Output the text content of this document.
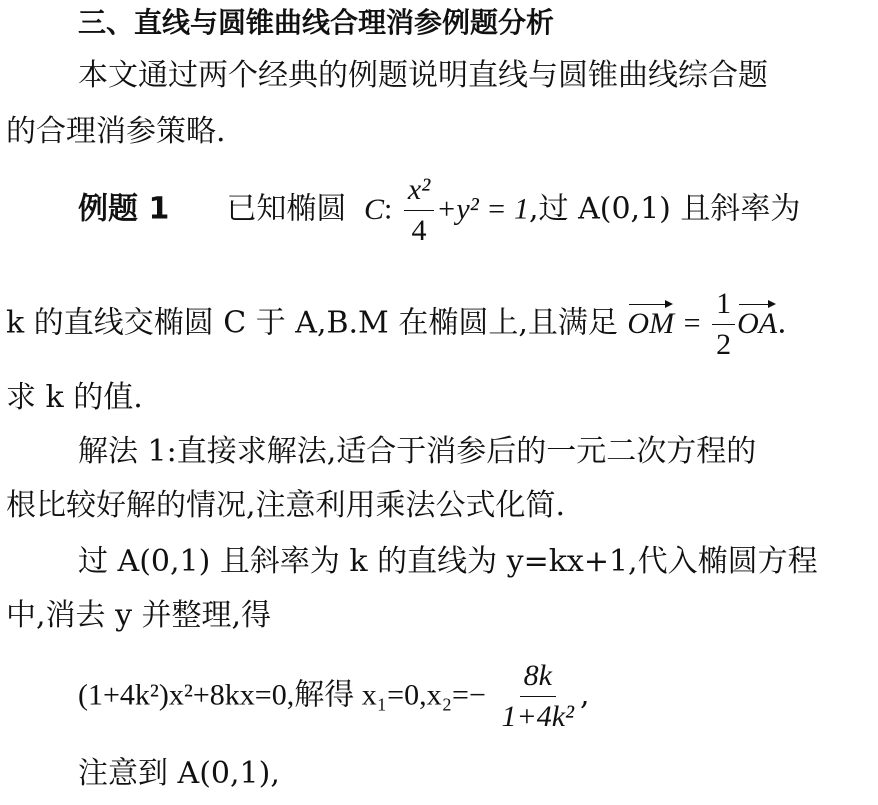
三、直线与圆锥曲线合理消参例题分析
本文通过两个经典的例题说明直线与圆锥曲线综合题
的合理消参策略.
例题 1 已知椭圆 C: $\frac{\text{x²}}{4} +y^2 = 1$,过 A(0,1) 且斜率为
k 的直线交椭圆 C 于 A,B.M 在椭圆上,且满足 OM = $\frac{1}{2}$ OA.
求 k 的值.
解法 1:直接求解法,适合于消参后的一元二次方程的
根比较好解的情况,注意利用乘法公式化简.
过 A(0,1) 且斜率为 k 的直线为 y=kx+1,代入椭圆方程
中,消去 y 并整理,得
(1+4k²)x²+8kx=0,解得 $x_1=0,x_2=- \frac{8k}{\text{1+4k²}}$ ,
注意到 A(0,1),
